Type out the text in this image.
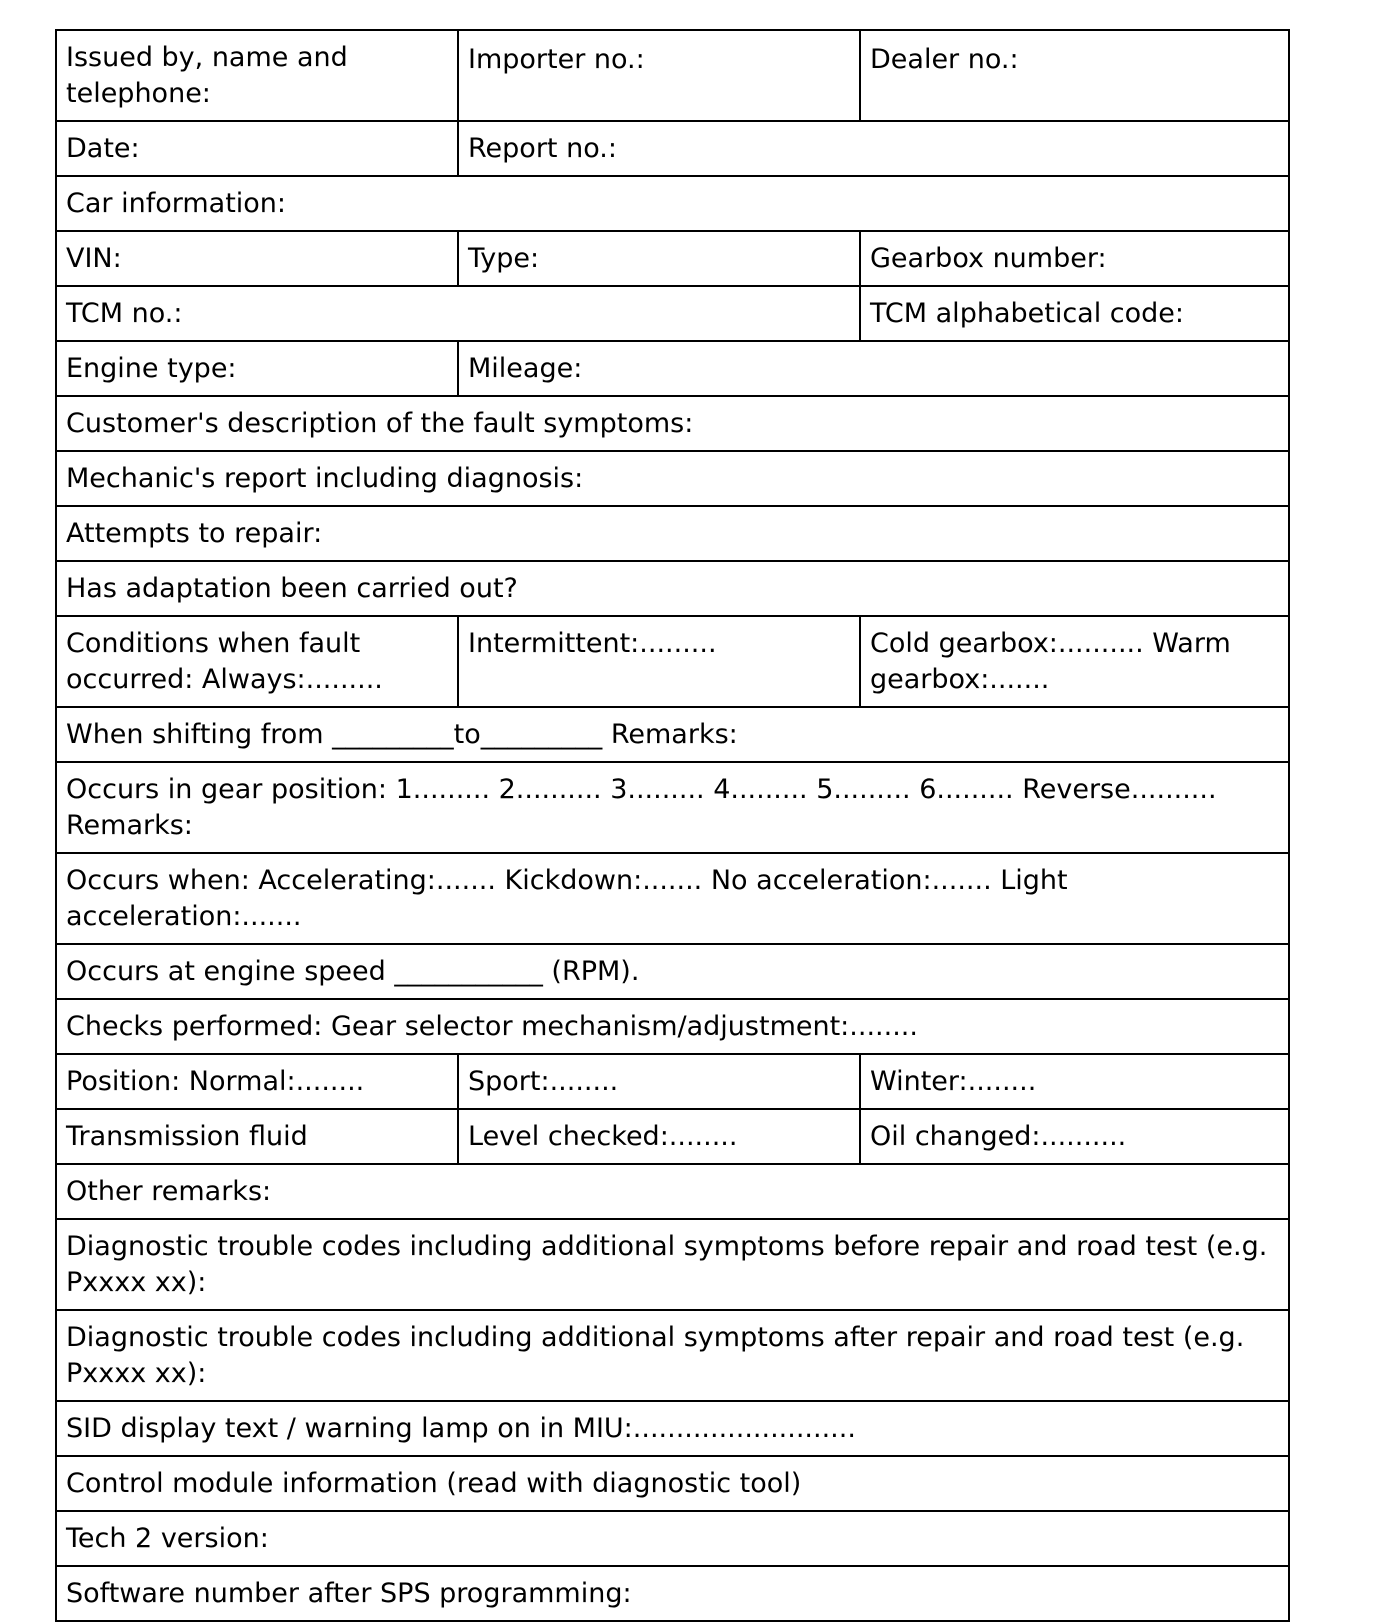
Issued by, name and telephone:	Importer no.:	Dealer no.:
Date:	Report no.:	
Car information:		
VIN:	Type:	Gearbox number:
TCM no.:		TCM alphabetical code:
Engine type:	Mileage:	
Customer's description of the fault symptoms:		
Mechanic's report including diagnosis:		
Attempts to repair:		
Has adaptation been carried out?		
Conditions when fault occurred: Always:.........	Intermittent:.........	Cold gearbox:.......... Warm gearbox:.......
When shifting from _________to_________ Remarks:		
Occurs in gear position: 1......... 2.......... 3......... 4......... 5......... 6......... Reverse.......... Remarks:		
Occurs when: Accelerating:....... Kickdown:....... No acceleration:....... Light acceleration:.......		
Occurs at engine speed ___________ (RPM).		
Checks performed: Gear selector mechanism/adjustment:........		
Position: Normal:........	Sport:........	Winter:........
Transmission fluid	Level checked:........	Oil changed:..........
Other remarks:		
Diagnostic trouble codes including additional symptoms before repair and road test (e.g. Pxxxx xx):		
Diagnostic trouble codes including additional symptoms after repair and road test (e.g. Pxxxx xx):		
SID display text / warning lamp on in MIU:..........................		
Control module information (read with diagnostic tool)		
Tech 2 version:		
Software number after SPS programming:		
